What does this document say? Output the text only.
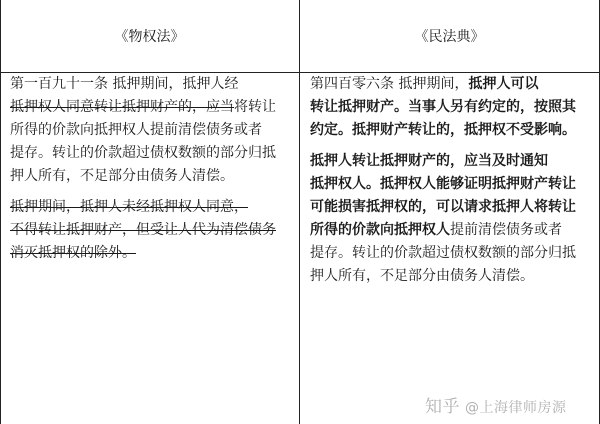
《物权法》	《民法典》
第一百九十一条 抵押期间，抵押人经
抵押权人同意转让抵押财产的，应当将转让
所得的价款向抵押权人提前清偿债务或者
提存。转让的价款超过债权数额的部分归抵
押人所有，不足部分由债务人清偿。
抵押期间，抵押人未经抵押权人同意，
不得转让抵押财产，但受让人代为清偿债务
消灭抵押权的除外。
第四百零六条 抵押期间，抵押人可以
转让抵押财产。当事人另有约定的，按照其
约定。抵押财产转让的，抵押权不受影响。
抵押人转让抵押财产的，应当及时通知
抵押权人。抵押权人能够证明抵押财产转让
可能损害抵押权的，可以请求抵押人将转让
所得的价款向抵押权人提前清偿债务或者
提存。转让的价款超过债权数额的部分归抵
押人所有，不足部分由债务人清偿。
知乎 @上海律师房源
